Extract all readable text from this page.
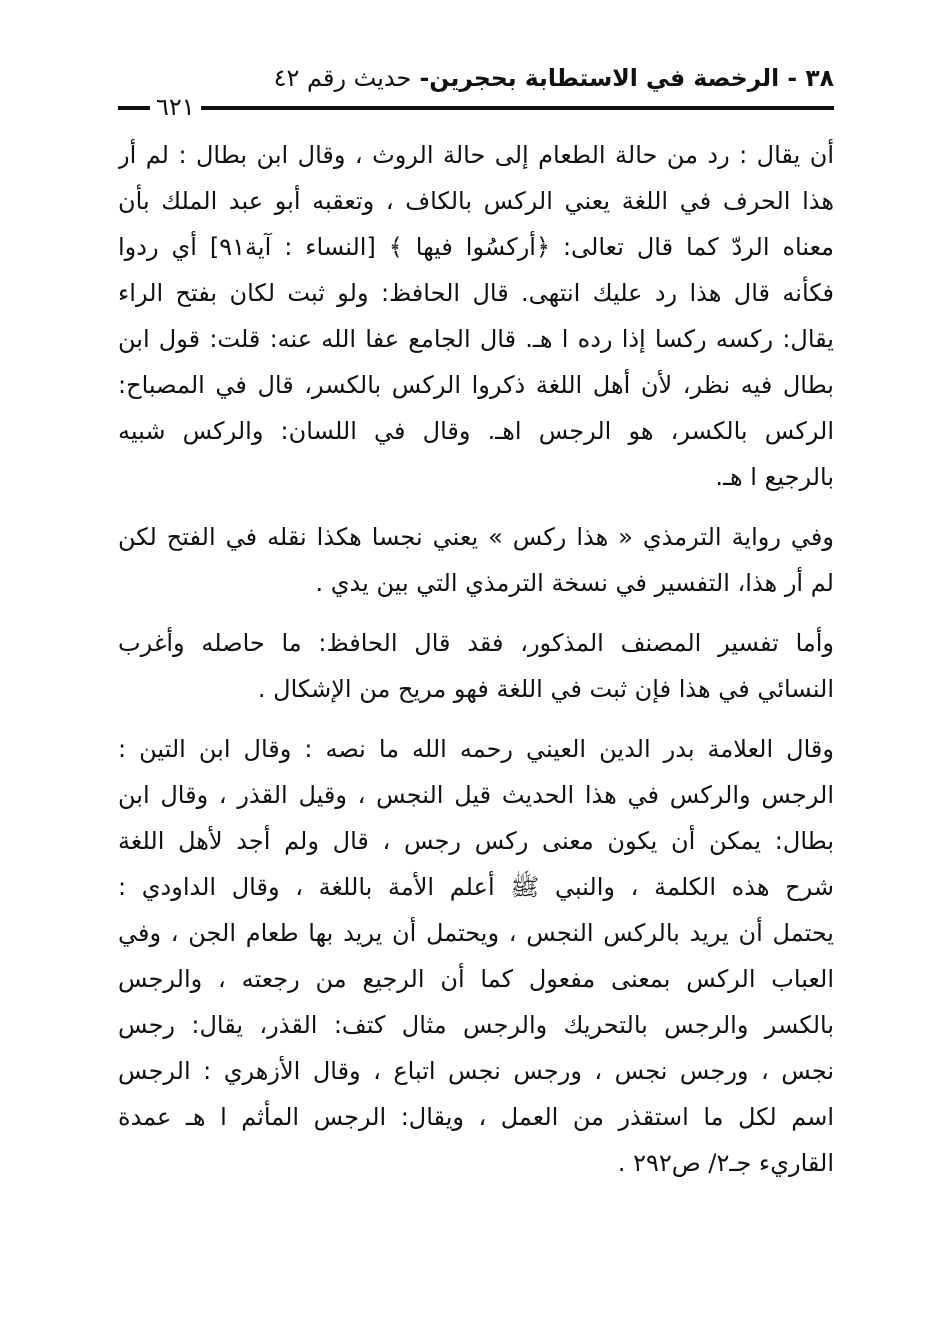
٣٨ - الرخصة في الاستطابة بحجرين- حديث رقم ٤٢
٦٢١
أن يقال : رد من حالة الطعام إلى حالة الروث ، وقال ابن بطال : لم أر
هذا الحرف في اللغة يعني الركس بالكاف ، وتعقبه أبو عبد الملك بأن
معناه الردّ كما قال تعالى: ﴿أركسُوا فيها ﴾ [النساء : آية٩١] أي ردوا
فكأنه قال هذا رد عليك انتهى. قال الحافظ: ولو ثبت لكان بفتح الراء
يقال: ركسه ركسا إذا رده ا هـ. قال الجامع عفا الله عنه: قلت: قول ابن
بطال فيه نظر، لأن أهل اللغة ذكروا الركس بالكسر، قال في المصباح:
الركس بالكسر، هو الرجس اهـ. وقال في اللسان: والركس شبيه
بالرجيع ا هـ.
وفي رواية الترمذي « هذا ركس » يعني نجسا هكذا نقله في الفتح لكن
لم أر هذا، التفسير في نسخة الترمذي التي بين يدي .
وأما تفسير المصنف المذكور، فقد قال الحافظ: ما حاصله وأغرب
النسائي في هذا فإن ثبت في اللغة فهو مريح من الإشكال .
وقال العلامة بدر الدين العيني رحمه الله ما نصه : وقال ابن التين :
الرجس والركس في هذا الحديث قيل النجس ، وقيل القذر ، وقال ابن
بطال: يمكن أن يكون معنى ركس رجس ، قال ولم أجد لأهل اللغة
شرح هذه الكلمة ، والنبي ﷺ أعلم الأمة باللغة ، وقال الداودي :
يحتمل أن يريد بالركس النجس ، ويحتمل أن يريد بها طعام الجن ، وفي
العباب الركس بمعنى مفعول كما أن الرجيع من رجعته ، والرجس
بالكسر والرجس بالتحريك والرجس مثال كتف: القذر، يقال: رجس
نجس ، ورجس نجس ، ورجس نجس اتباع ، وقال الأزهري : الرجس
اسم لكل ما استقذر من العمل ، ويقال: الرجس المأثم ا هـ عمدة
القاريء جـ٢/ ص٢٩٢ .
